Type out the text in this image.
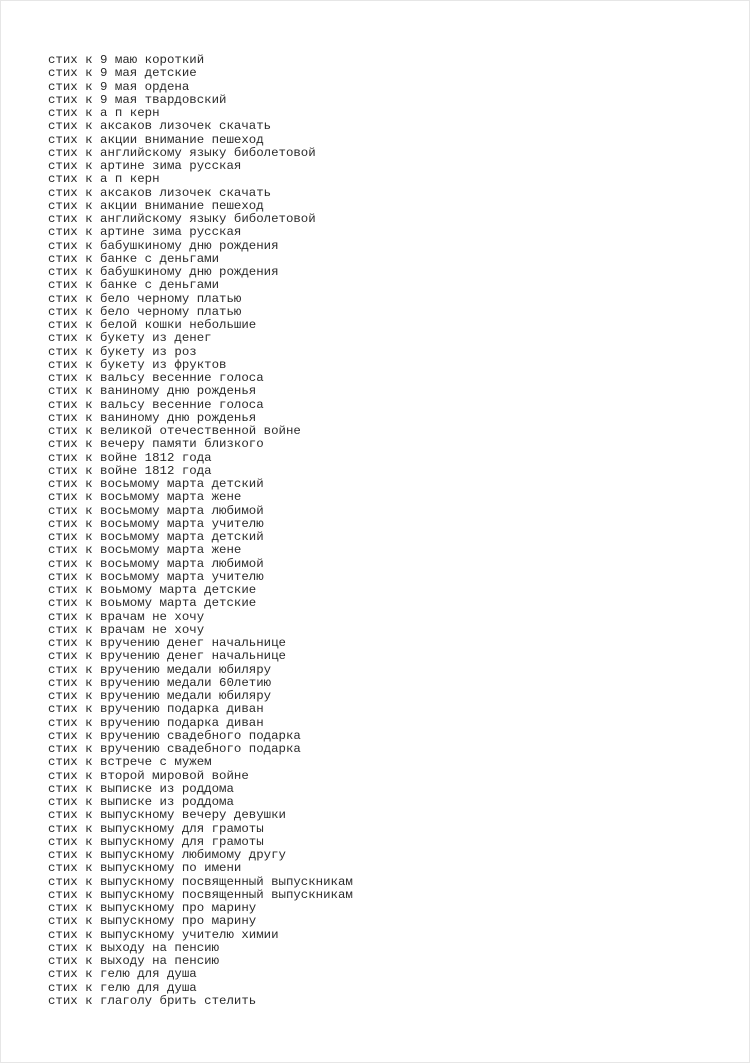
стих к 9 маю короткий
стих к 9 мая детские
стих к 9 мая ордена
стих к 9 мая твардовский
стих к а п керн
стих к аксаков лизочек скачать
стих к акции внимание пешеход
стих к английскому языку биболетовой
стих к артине зима русская
стих к а п керн
стих к аксаков лизочек скачать
стих к акции внимание пешеход
стих к английскому языку биболетовой
стих к артине зима русская
стих к бабушкиному дню рождения
стих к банке с деньгами
стих к бабушкиному дню рождения
стих к банке с деньгами
стих к бело черному платью
стих к бело черному платью
стих к белой кошки небольшие
стих к букету из денег
стих к букету из роз
стих к букету из фруктов
стих к вальсу весенние голоса
стих к ваниному дню рожденья
стих к вальсу весенние голоса
стих к ваниному дню рожденья
стих к великой отечественной войне
стих к вечеру памяти близкого
стих к войне 1812 года
стих к войне 1812 года
стих к восьмому марта детский
стих к восьмому марта жене
стих к восьмому марта любимой
стих к восьмому марта учителю
стих к восьмому марта детский
стих к восьмому марта жене
стих к восьмому марта любимой
стих к восьмому марта учителю
стих к воьмому марта детские
стих к воьмому марта детские
стих к врачам не хочу
стих к врачам не хочу
стих к вручению денег начальнице
стих к вручению денег начальнице
стих к вручению медали юбиляру
стих к вручению медали 60летию
стих к вручению медали юбиляру
стих к вручению подарка диван
стих к вручению подарка диван
стих к вручению свадебного подарка
стих к вручению свадебного подарка
стих к встрече с мужем
стих к второй мировой войне
стих к выписке из роддома
стих к выписке из роддома
стих к выпускному вечеру девушки
стих к выпускному для грамоты
стих к выпускному для грамоты
стих к выпускному любимому другу
стих к выпускному по имени
стих к выпускному посвященный выпускникам
стих к выпускному посвященный выпускникам
стих к выпускному про марину
стих к выпускному про марину
стих к выпускному учителю химии
стих к выходу на пенсию
стих к выходу на пенсию
стих к гелю для душа
стих к гелю для душа
стих к глаголу брить стелить
